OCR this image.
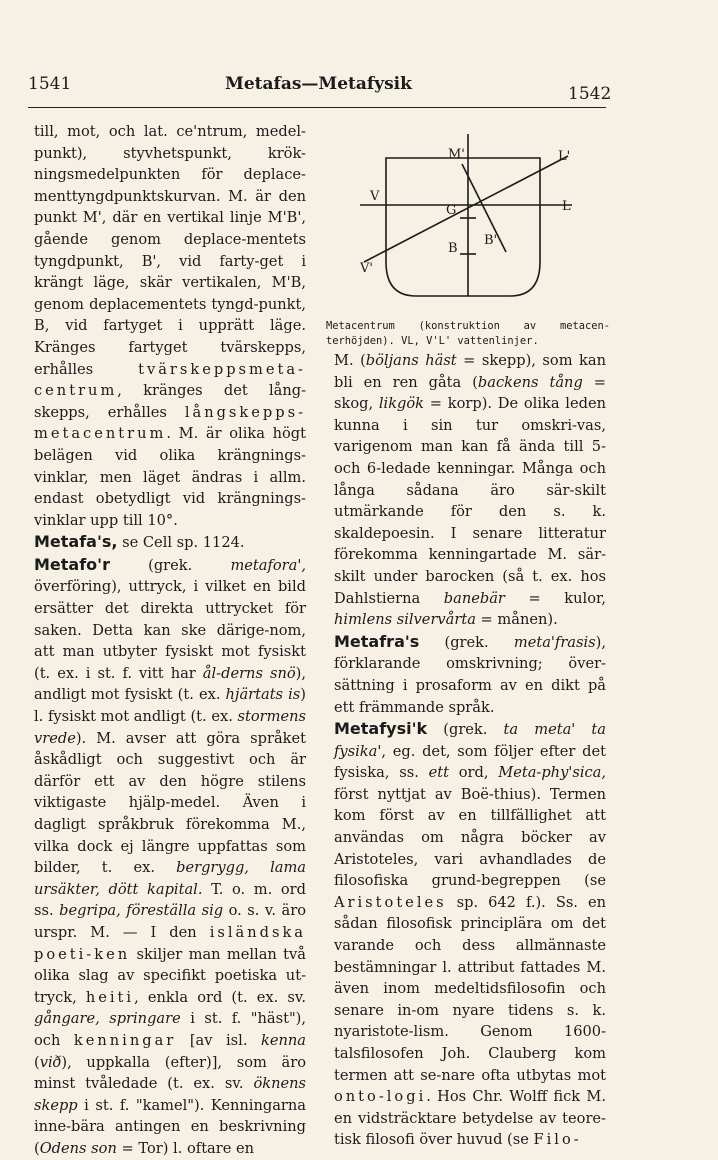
1541	Metafas—Metafysik	1542

till, mot, och lat. ce'ntrum, medel-punkt), styvhetspunkt, krök-ningsmedelpunkten för deplace-menttyngdpunktskurvan. M. är den punkt M', där en vertikal linje M'B', gående genom deplace-mentets tyngdpunkt, B', vid farty-get i krängt läge, skär vertikalen, M'B, genom deplacementets tyngd-punkt, B, vid fartyget i upprätt läge. Kränges fartyget tvärskepps, erhålles	tvärskeppsmeta-centrum, kränges det lång-skepps, erhålles långskepps-metacentrum. M. är olika högt belägen vid olika krängnings-vinklar, men läget ändras i allm. endast obetydligt vid krängnings-vinklar upp till 10°.

Metafa's, se Cell sp. 1124.

Metafo'r (grek. metafora', överföring), uttryck, i vilket en bild ersätter det direkta uttrycket för saken. Detta kan ske därige-nom, att man utbyter fysiskt mot fysiskt (t. ex. i st. f. vitt har ål-derns snö), andligt mot fysiskt (t. ex. hjärtats is) l. fysiskt mot andligt (t. ex. stormens vrede). M. avser att göra språket åskådligt och suggestivt och är därför ett av den högre stilens viktigaste hjälp-medel. Även i dagligt språkbruk förekomma M., vilka dock ej längre uppfattas som bilder, t. ex. bergrygg, lama ursäkter, dött kapital. T. o. m. ord ss. begripa, föreställa sig o. s. v. äro urspr. M. — I den isländska poeti-ken skiljer man mellan två olika slag av specifikt poetiska ut-tryck, heiti, enkla ord (t. ex. sv. gångare, springare i st. f. "häst"), och kenningar [av isl. kenna (við), uppkalla (efter)], som äro minst tvåledade (t. ex. sv. öknens skepp i st. f. "kamel"). Kenningarna inne-bära antingen en beskrivning (Odens son = Tor) l. oftare en

M'
V
V'
L
L'
G
B
B'
Metacentrum (konstruktion av metacen-terhöjden). VL, V'L' vattenlinjer.

M. (böljans häst = skepp), som kan bli en ren gåta (backens tång = skog, likgök = korp). De olika leden kunna i sin tur omskri-vas, varigenom man kan få ända till 5- och 6-ledade kenningar. Många och långa sådana äro sär-skilt utmärkande för den s. k. skaldepoesin. I senare litteratur förekomma kenningartade M. sär-skilt under barocken (så t. ex. hos Dahlstierna banebär = kulor, himlens silvervårta = månen).

Metafra's (grek. meta'frasis), förklarande omskrivning; över-sättning i prosaform av en dikt på ett främmande språk.

Metafysi'k (grek. ta meta' ta fysika', eg. det, som följer efter det fysiska, ss. ett ord, Meta-phy'sica, först nyttjat av Boë-thius). Termen kom först av en tillfällighet att användas om några böcker av Aristoteles, vari avhandlades de filosofiska grund-begreppen (se Aristoteles sp. 642 f.). Ss. en sådan filosofisk principlära om det varande och dess allmännaste bestämningar l. attribut fattades M. även inom medeltidsfilosofin och senare in-om nyare tidens s. k. nyaristote-lism. Genom 1600-talsfilosofen Joh. Clauberg kom termen att se-nare ofta utbytas mot onto-logi. Hos Chr. Wolff fick M. en vidsträcktare betydelse av teore-tisk filosofi över huvud (se Filo-
